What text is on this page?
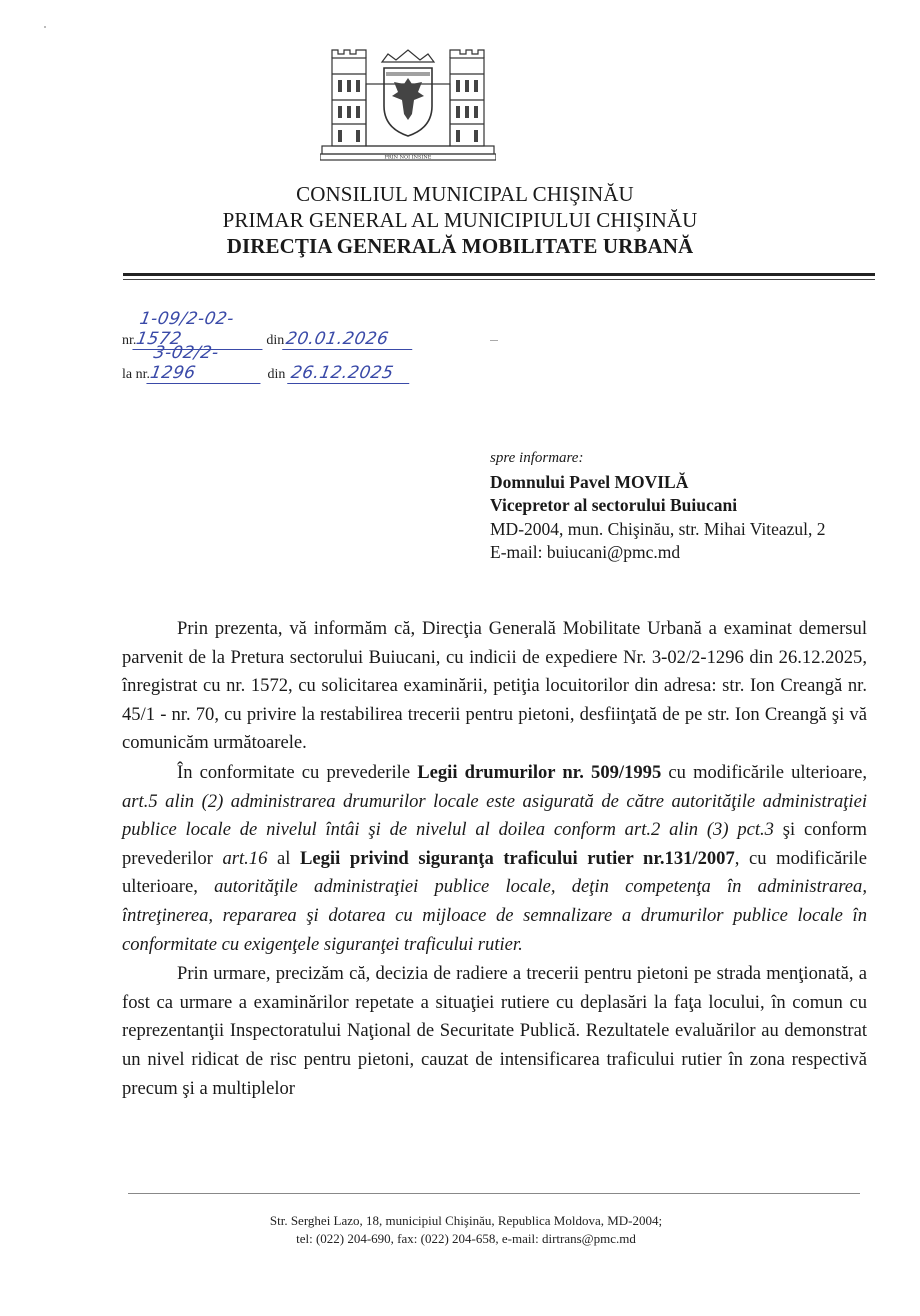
PRIN NOI INSINE
CONSILIUL MUNICIPAL CHIŞINĂU
PRIMAR GENERAL AL MUNICIPIULUI CHIŞINĂU
DIRECŢIA GENERALĂ MOBILITATE URBANĂ
nr.1-09/2-02-1572	din20.01.2026
la nr.3-02/2-1296	din 26.12.2025
spre informare:
Domnului Pavel MOVILĂ
Vicepretor al sectorului Buiucani
MD-2004, mun. Chişinău, str. Mihai Viteazul, 2
E-mail: buiucani@pmc.md

Prin prezenta, vă informăm că, Direcţia Generală Mobilitate Urbană a examinat demersul parvenit de la Pretura sectorului Buiucani, cu indicii de expediere Nr. 3-02/2-1296 din 26.12.2025, înregistrat cu nr. 1572, cu solicitarea examinării, petiţia locuitorilor din adresa: str. Ion Creangă nr. 45/1 - nr. 70, cu privire la restabilirea trecerii pentru pietoni, desfiinţată de pe str. Ion Creangă şi vă comunicăm următoarele.

În conformitate cu prevederile Legii drumurilor nr. 509/1995 cu modificările ulterioare, art.5 alin (2) administrarea drumurilor locale este asigurată de către autorităţile administraţiei publice locale de nivelul întâi şi de nivelul al doilea conform art.2 alin (3) pct.3 şi conform prevederilor art.16 al Legii privind siguranţa traficului rutier nr.131/2007, cu modificările ulterioare, autorităţile administraţiei publice locale, deţin competenţa în administrarea, întreţinerea, repararea şi dotarea cu mijloace de semnalizare a drumurilor publice locale în conformitate cu exigenţele siguranţei traficului rutier.

Prin urmare, precizăm că, decizia de radiere a trecerii pentru pietoni pe strada menţionată, a fost ca urmare a examinărilor repetate a situaţiei rutiere cu deplasări la faţa locului, în comun cu reprezentanţii Inspectoratului Naţional de Securitate Publică. Rezultatele evaluărilor au demonstrat un nivel ridicat de risc pentru pietoni, cauzat de intensificarea traficului rutier în zona respectivă precum şi a multiplelor

Str. Serghei Lazo, 18, municipiul Chişinău, Republica Moldova, MD-2004;
tel: (022) 204-690, fax: (022) 204-658, e-mail: dirtrans@pmc.md
